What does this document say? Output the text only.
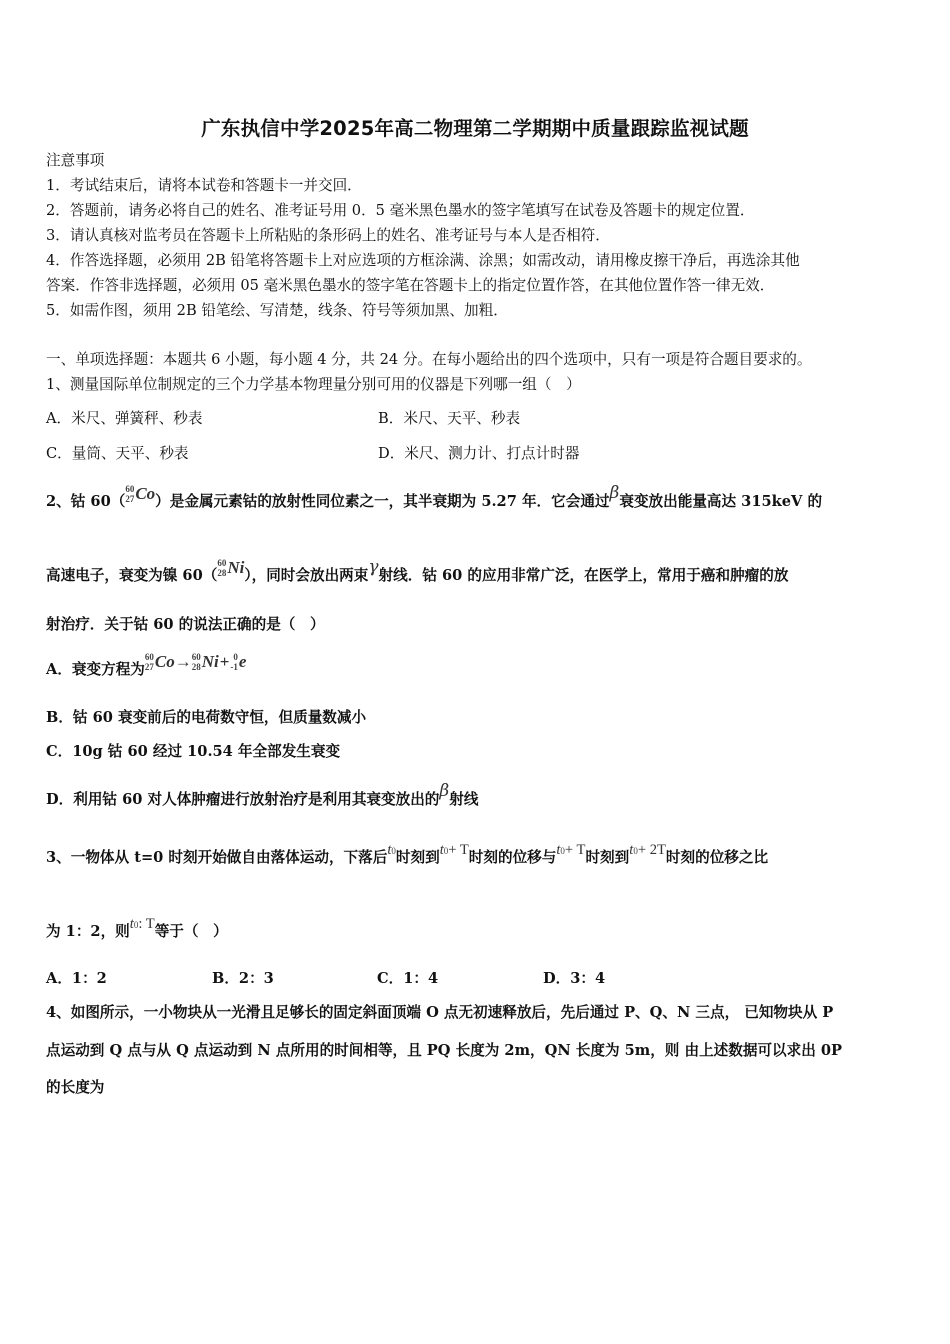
广东执信中学2025年高二物理第二学期期中质量跟踪监视试题
注意事项
1．考试结束后，请将本试卷和答题卡一并交回．
2．答题前，请务必将自己的姓名、准考证号用 0．5 毫米黑色墨水的签字笔填写在试卷及答题卡的规定位置．
3．请认真核对监考员在答题卡上所粘贴的条形码上的姓名、准考证号与本人是否相符．
4．作答选择题，必须用 2B 铅笔将答题卡上对应选项的方框涂满、涂黑；如需改动，请用橡皮擦干净后，再选涂其他
答案．作答非选择题，必须用 05 毫米黑色墨水的签字笔在答题卡上的指定位置作答，在其他位置作答一律无效．
5．如需作图，须用 2B 铅笔绘、写清楚，线条、符号等须加黑、加粗．
一、单项选择题：本题共 6 小题，每小题 4 分，共 24 分。在每小题给出的四个选项中，只有一项是符合题目要求的。
1、测量国际单位制规定的三个力学基本物理量分别可用的仪器是下列哪一组（　）
A．米尺、弹簧秤、秒表	B．米尺、天平、秒表
C．量筒、天平、秒表	D．米尺、测力计、打点计时器
2、钴 60（
60
27 Co）是金属元素钴的放射性同位素之一，其半衰期为 5.27 年．它会通过β衰变放出能量高达 315keV 的
高速电子，衰变为镍 60（
60
28 Ni），同时会放出两束γ射线．钴 60 的应用非常广泛，在医学上，常用于癌和肿瘤的放
射治疗．关于钴 60 的说法正确的是（　）
A．衰变方程为
60
27 Co→ 60
28 Ni+ 0
-1 e
B．钴 60 衰变前后的电荷数守恒，但质量数减小
C．10g 钴 60 经过 10.54 年全部发生衰变
D．利用钴 60 对人体肿瘤进行放射治疗是利用其衰变放出的β射线
3、一物体从 t=0 时刻开始做自由落体运动，下落后t0时刻到t0+ T时刻的位移与t0+ T时刻到t0+ 2T时刻的位移之比
为 1：2，则t0: T等于（　）
A．1：2	B．2：3	C．1：4	D．3：4
4、如图所示，一小物块从一光滑且足够长的固定斜面顶端 O 点无初速释放后，先后通过 P、Q、N 三点， 已知物块从 P
点运动到 Q 点与从 Q 点运动到 N 点所用的时间相等，且 PQ 长度为 2m，QN 长度为 5m，则 由上述数据可以求出 0P
的长度为
